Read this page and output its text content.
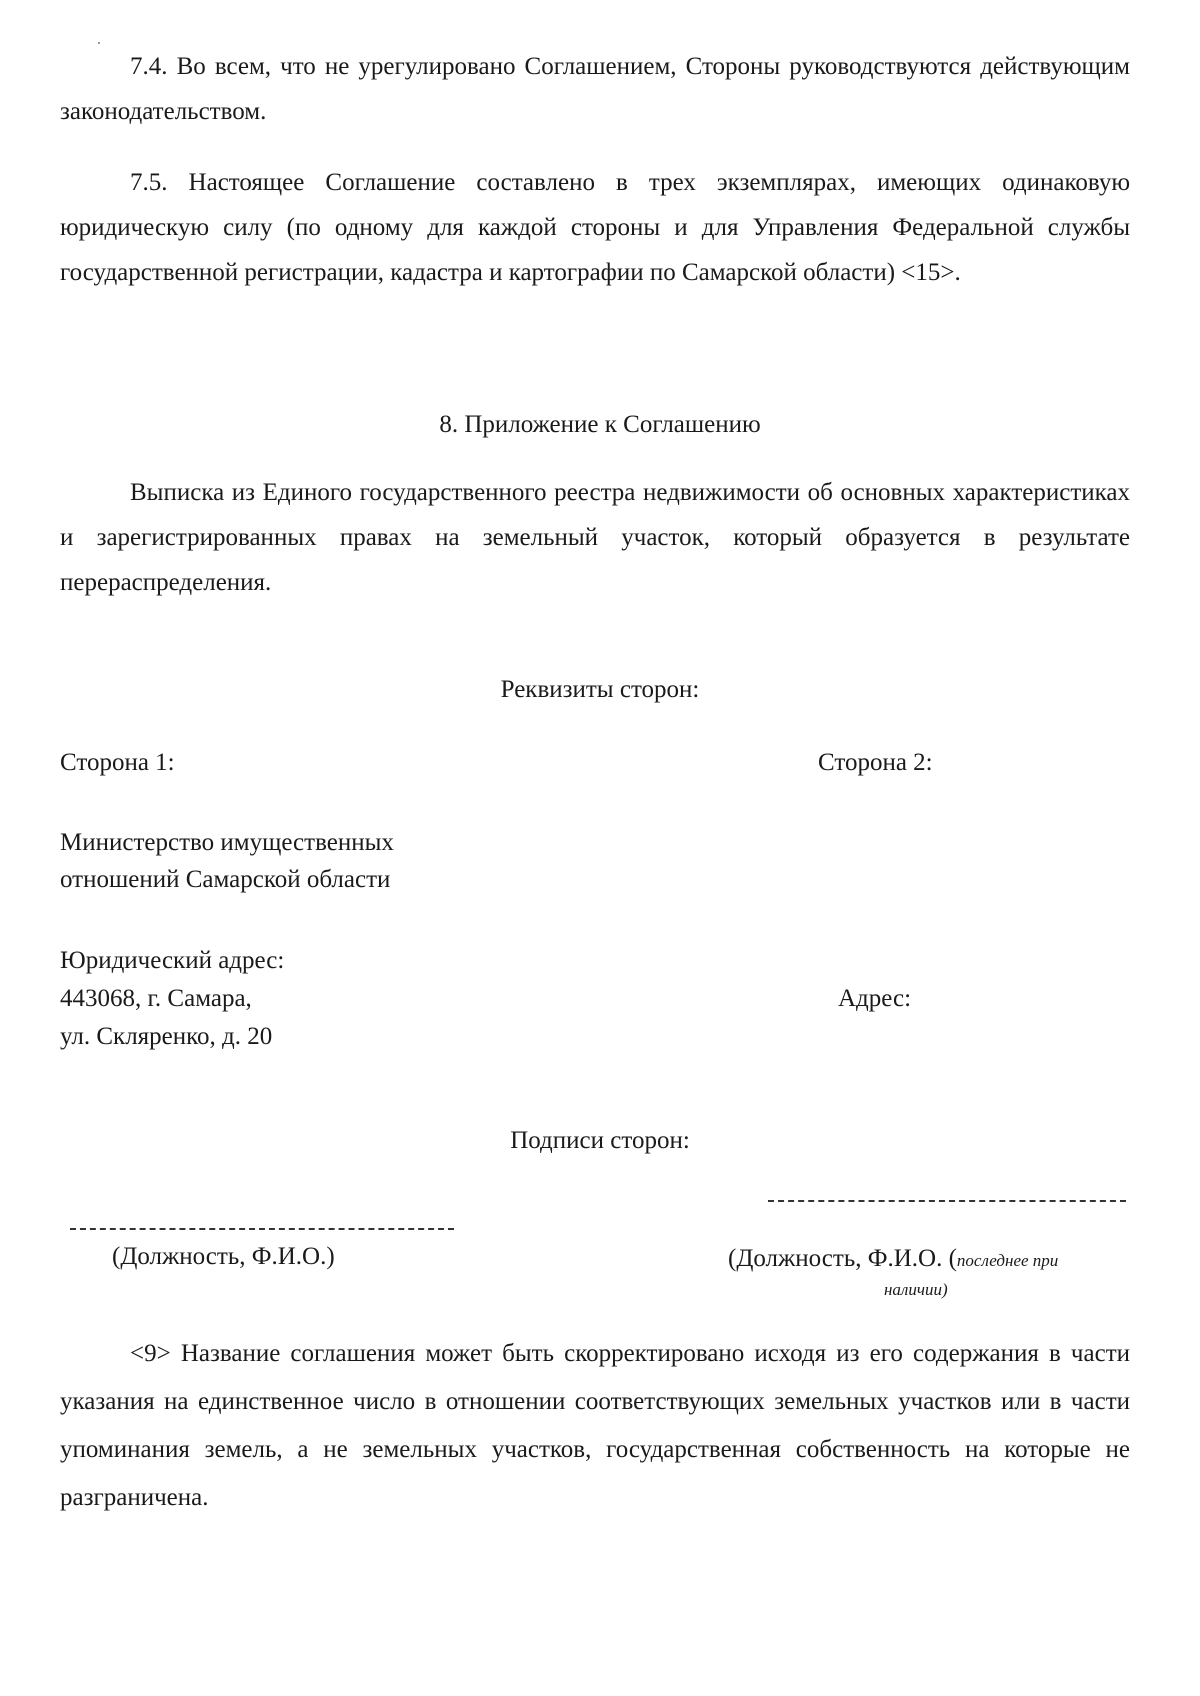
7.4. Во всем, что не урегулировано Соглашением, Стороны руководствуются действующим законодательством.

7.5. Настоящее Соглашение составлено в трех экземплярах, имеющих одинаковую юридическую силу (по одному для каждой стороны и для Управления Федеральной службы государственной регистрации, кадастра и картографии по Самарской области) <15>.

8. Приложение к Соглашению

Выписка из Единого государственного реестра недвижимости об основных характеристиках и зарегистрированных правах на земельный участок, который образуется в результате перераспределения.

Реквизиты сторон:

Сторона 1:	Сторона 2:

Министерство имущественных

отношений Самарской области

Юридический адрес:

443068, г. Самара,

ул. Скляренко, д. 20

Адрес:

Подписи сторон:

(Должность, Ф.И.О.)	(Должность, Ф.И.О. (последнее при

наличии)

<9> Название соглашения может быть скорректировано исходя из его содержания в части указания на единственное число в отношении соответствующих земельных участков или в части упоминания земель, а не земельных участков, государственная собственность на которые не разграничена.
